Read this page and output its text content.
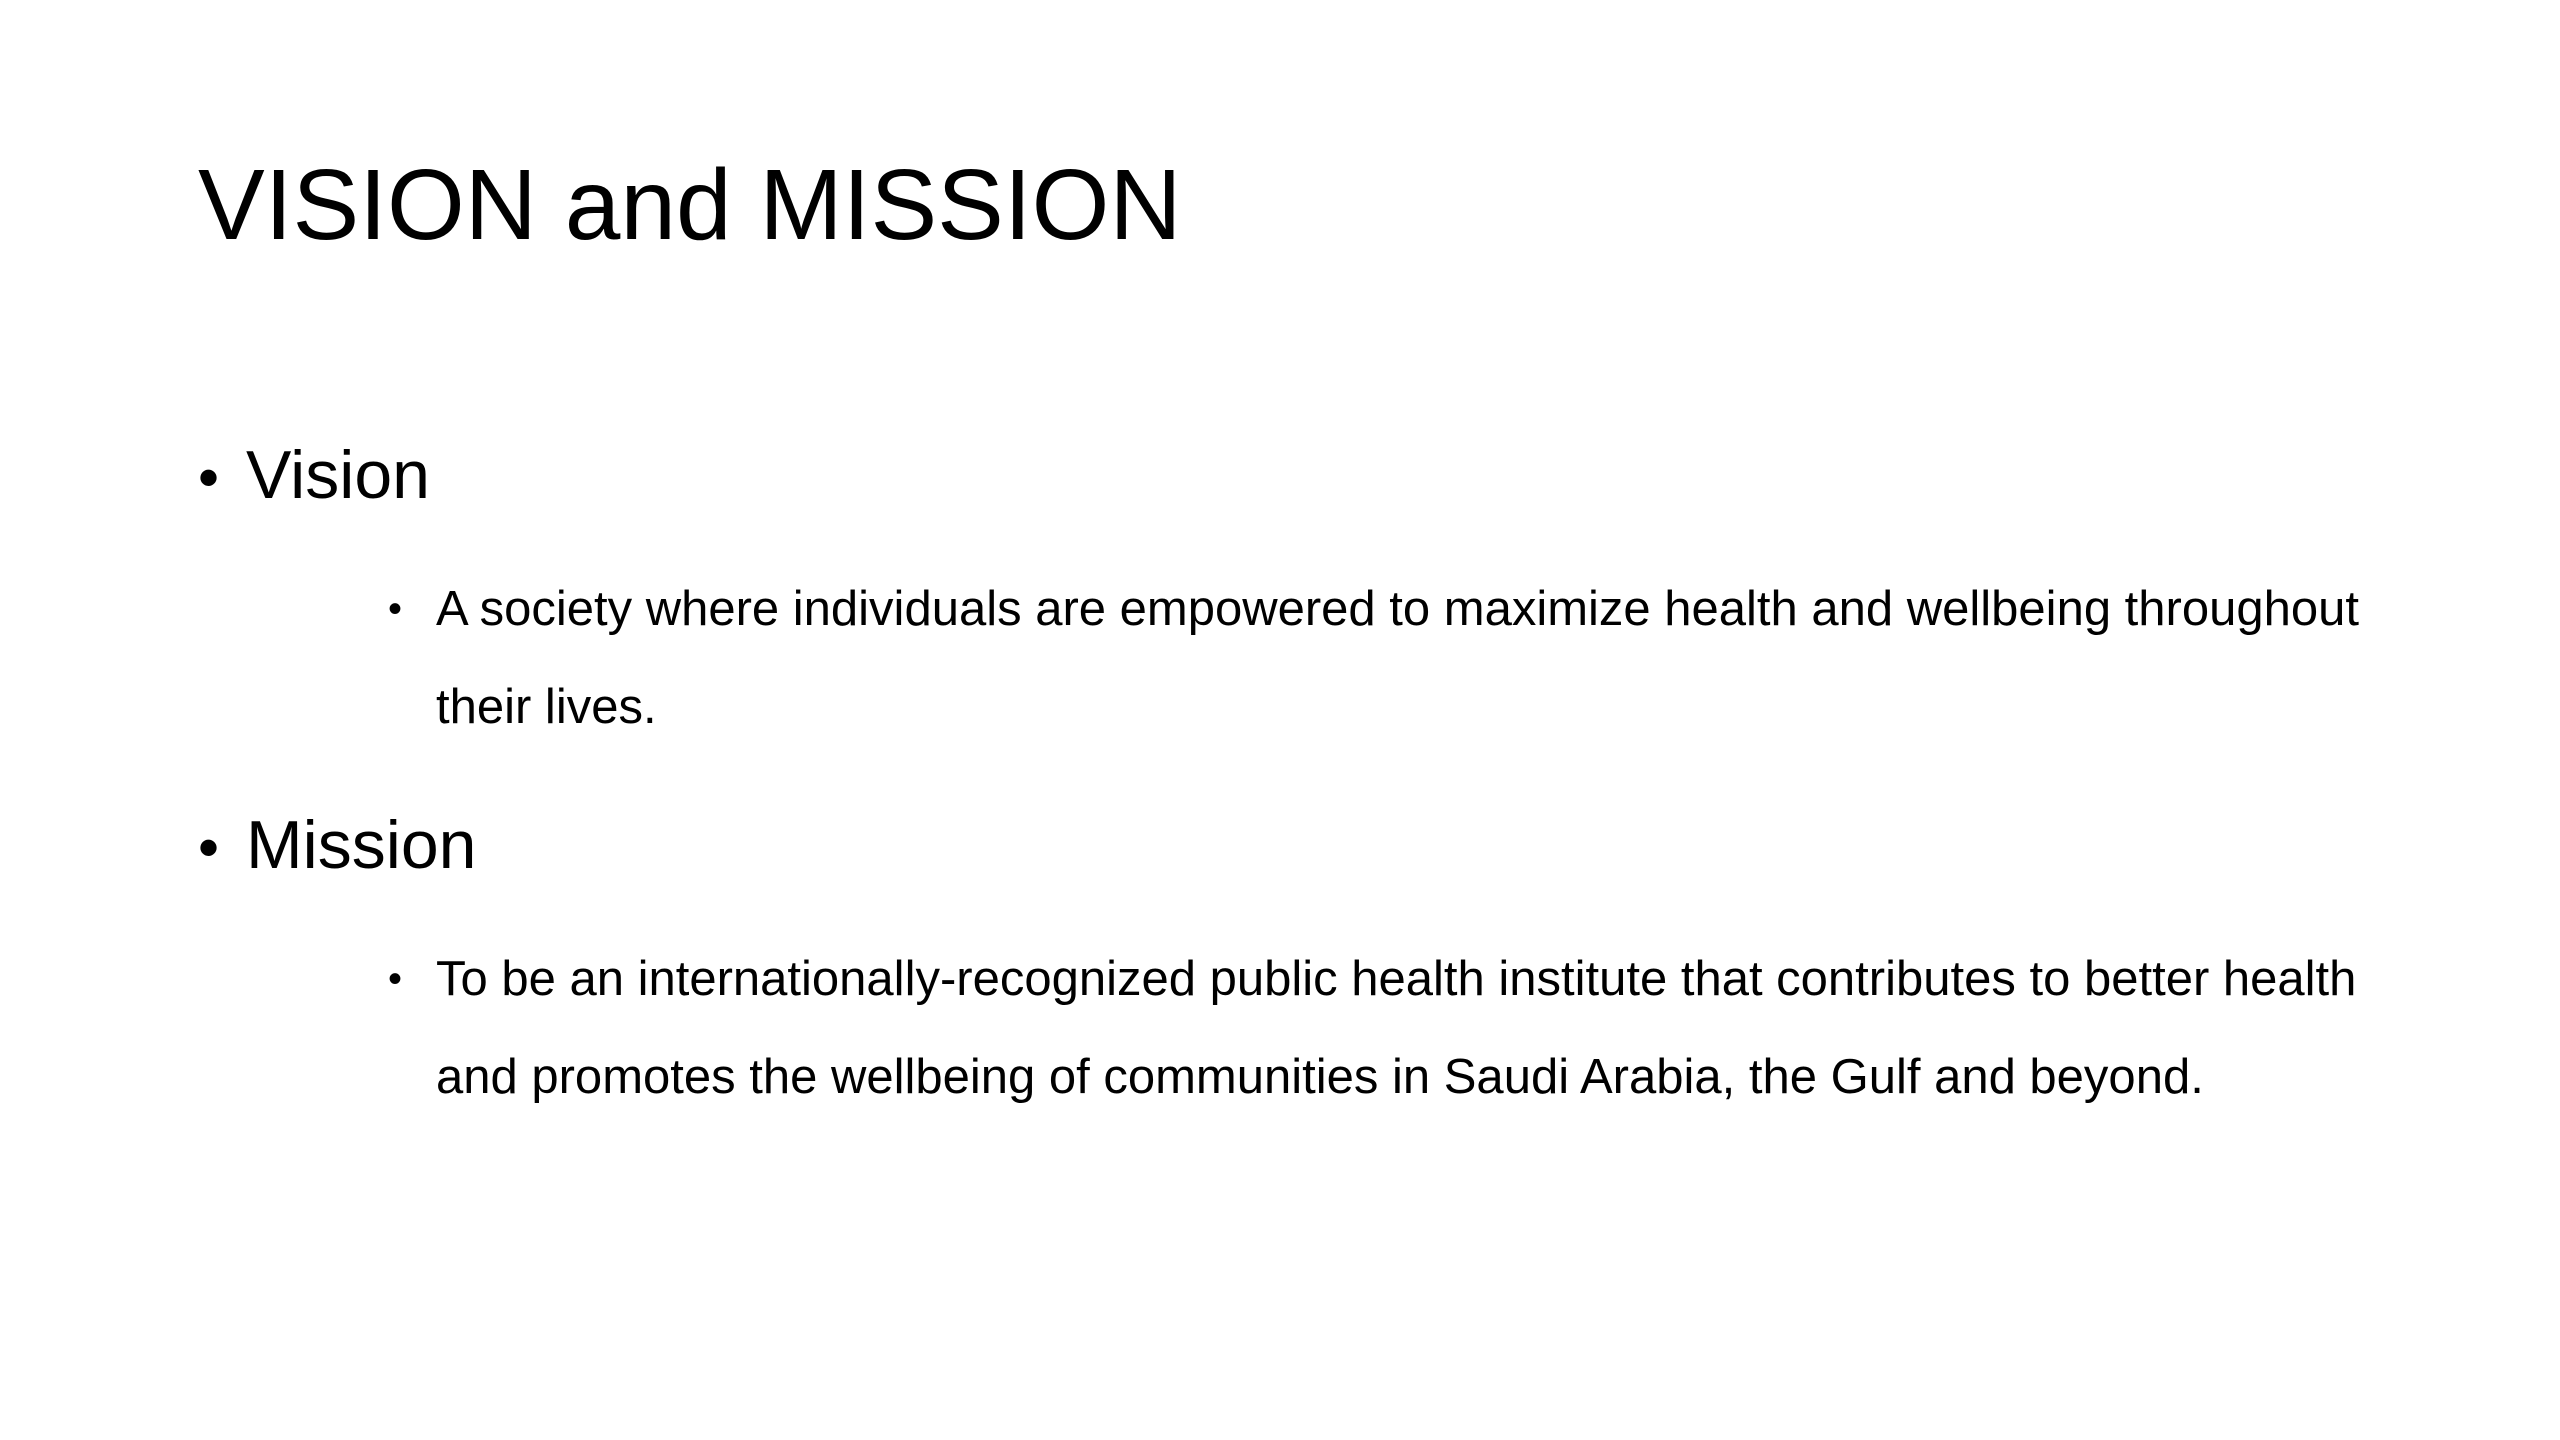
VISION and MISSION
• Vision
• A society where individuals are empowered to maximize health and wellbeing throughout their lives.
• Mission
• To be an internationally-recognized public health institute that contributes to better health and promotes the wellbeing of communities in Saudi Arabia, the Gulf and beyond.
